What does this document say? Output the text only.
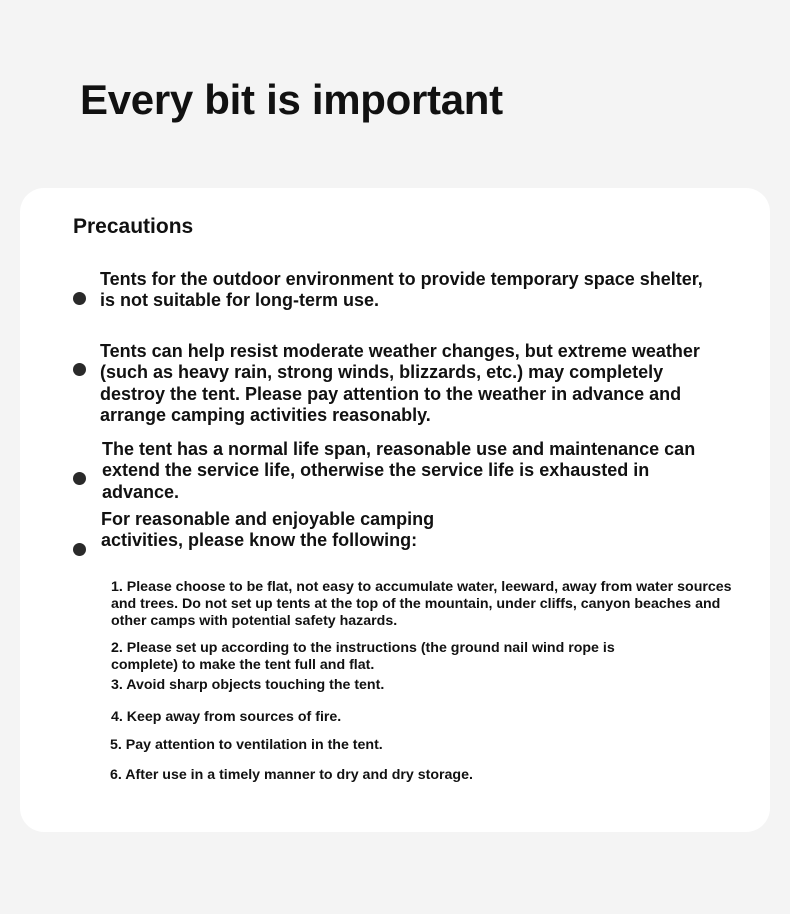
Every bit is important
Precautions
Tents for the outdoor environment to provide temporary space shelter, is not suitable for long-term use.
Tents can help resist moderate weather changes, but extreme weather (such as heavy rain, strong winds, blizzards, etc.) may completely destroy the tent. Please pay attention to the weather in advance and arrange camping activities reasonably.
The tent has a normal life span, reasonable use and maintenance can extend the service life, otherwise the service life is exhausted in advance.
For reasonable and enjoyable camping activities, please know the following:
1. Please choose to be flat, not easy to accumulate water, leeward, away from water sources and trees. Do not set up tents at the top of the mountain, under cliffs, canyon beaches and other camps with potential safety hazards.
2. Please set up according to the instructions (the ground nail wind rope is complete) to make the tent full and flat.
3. Avoid sharp objects touching the tent.
4. Keep away from sources of fire.
5. Pay attention to ventilation in the tent.
6. After use in a timely manner to dry and dry storage.
